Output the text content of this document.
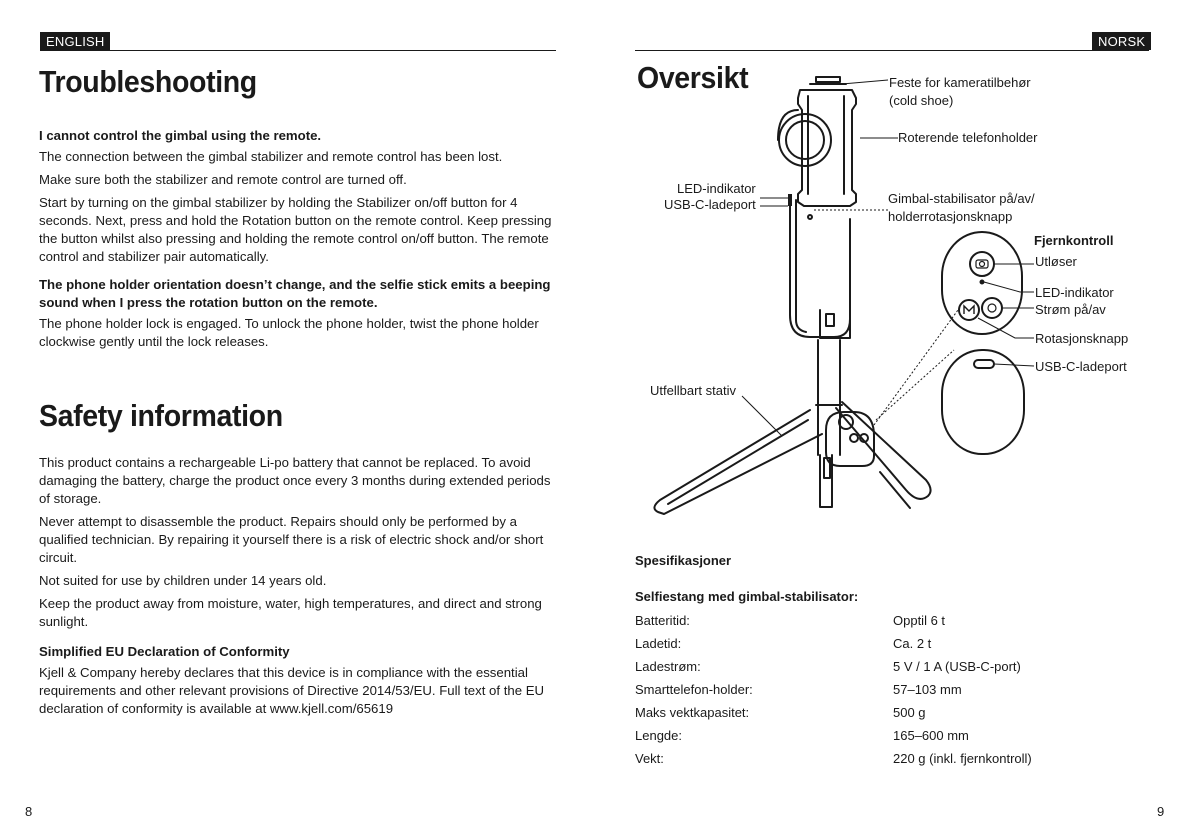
ENGLISH
Troubleshooting

I cannot control the gimbal using the remote.

The connection between the gimbal stabilizer and remote control has been lost.

Make sure both the stabilizer and remote control are turned off.

Start by turning on the gimbal stabilizer by holding the Stabilizer on/off button for 4 seconds. Next, press and hold the Rotation button on the remote control. Keep pressing the button whilst also pressing and holding the remote control on/off button. The remote control and stabilizer pair automatically.

The phone holder orientation doesn’t change, and the selfie stick emits a beeping sound when I press the rotation button on the remote.

The phone holder lock is engaged. To unlock the phone holder, twist the phone holder clockwise gently until the lock releases.

Safety information

This product contains a rechargeable Li-po battery that cannot be replaced. To avoid damaging the battery, charge the product once every 3 months during extended periods of storage.

Never attempt to disassemble the product. Repairs should only be performed by a qualified technician. By repairing it yourself there is a risk of electric shock and/or short circuit.

Not suited for use by children under 14 years old.

Keep the product away from moisture, water, high temperatures, and direct and strong sunlight.

Simplified EU Declaration of Conformity

Kjell & Company hereby declares that this device is in compliance with the essential requirements and other relevant provisions of Directive 2014/53/EU. Full text of the EU declaration of conformity is available at www.kjell.com/65619

8
NORSK
Oversikt	Feste for kameratilbehør
(cold shoe)
Roterende telefonholder
LED-indikator
USB-C-ladeport	Gimbal-stabilisator på/av/
holderrotasjonsknapp
Utfellbart stativ
Fjernkontroll
Utløser
LED-indikator
Strøm på/av
Rotasjonsknapp
USB-C-ladeport
Spesifikasjoner
Selfiestang med gimbal-stabilisator:
Batteritid:	Opptil 6 t
Ladetid:	Ca. 2 t
Ladestrøm:	5 V / 1 A (USB-C-port)
Smarttelefon-holder:	57–103 mm
Maks vektkapasitet:	500 g
Lengde:	165–600 mm
Vekt:	220 g (inkl. fjernkontroll)
9
